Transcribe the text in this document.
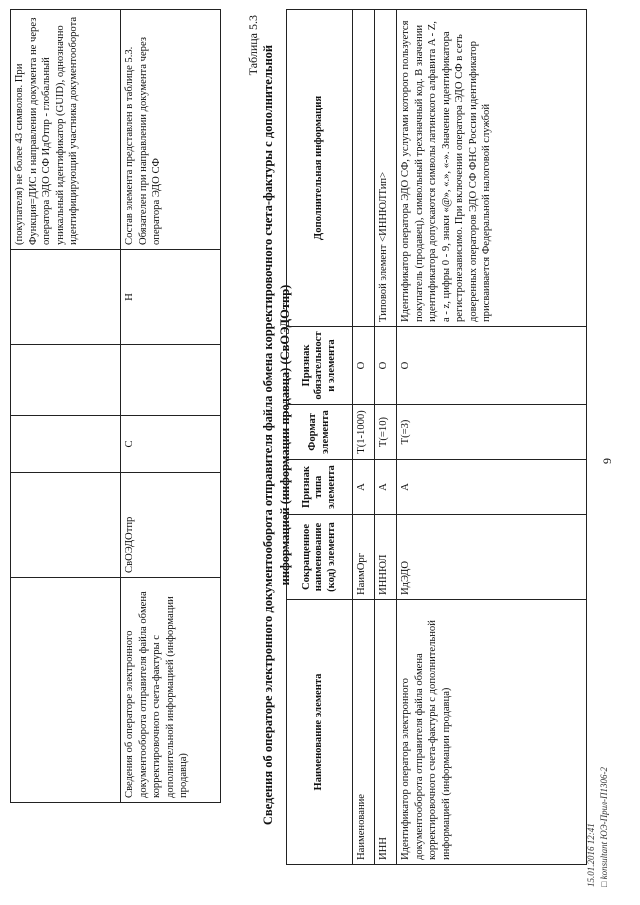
9
					(покупателя) не более 43 символов. При Функция=ДИС и направлении документа не через оператора ЭДО СФ ИдОтпр - глобальный уникальный идентификатор (GUID), однозначно идентифицирующий участника документооборота
Сведения об операторе электронного документооборота отправителя файла обмена корректировочного счета-фактуры с дополнительной информацией (информации продавца)	СвОЭДОтпр	С		Н	Состав элемента представлен в таблице 5.3. Обязателен при направлении документа через оператора ЭДО СФ
Таблица 5.3 Сведения об операторе электронного документооборота отправителя файла обмена корректировочного счета-фактуры с дополнительной информацией (информации продавца) (СвОЭДОтпр)
Наименование элемента	Сокращенное наименование (код) элемента	Признак типа элемента	Формат элемента	Признак обязательности элемента	Дополнительная информация
Наименование	НаимОрг	А	T(1-1000)	О	
ИНН	ИННЮЛ	А	T(=10)	О	Типовой элемент <ИННЮЛТип>
Идентификатор оператора электронного документооборота отправителя файла обмена корректировочного счета-фактуры с дополнительной информацией (информации продавца)	ИдЭДО	А	T(=3)	О	Идентификатор оператора ЭДО СФ, услугами которого пользуется покупатель (продавец), символьный трехзначный код. В значении идентификатора допускаются символы латинского алфавита A - Z, a - z, цифры 0 - 9, знаки «@», «.», «-». Значение идентификатора регистронезависимо. При включении оператора ЭДО СФ в сеть доверенных операторов ЭДО СФ ФНС России идентификатор присваивается Федеральной налоговой службой
15.01.2016 12:41 □ konsultant ЮЭ-Прил-П1306-2
